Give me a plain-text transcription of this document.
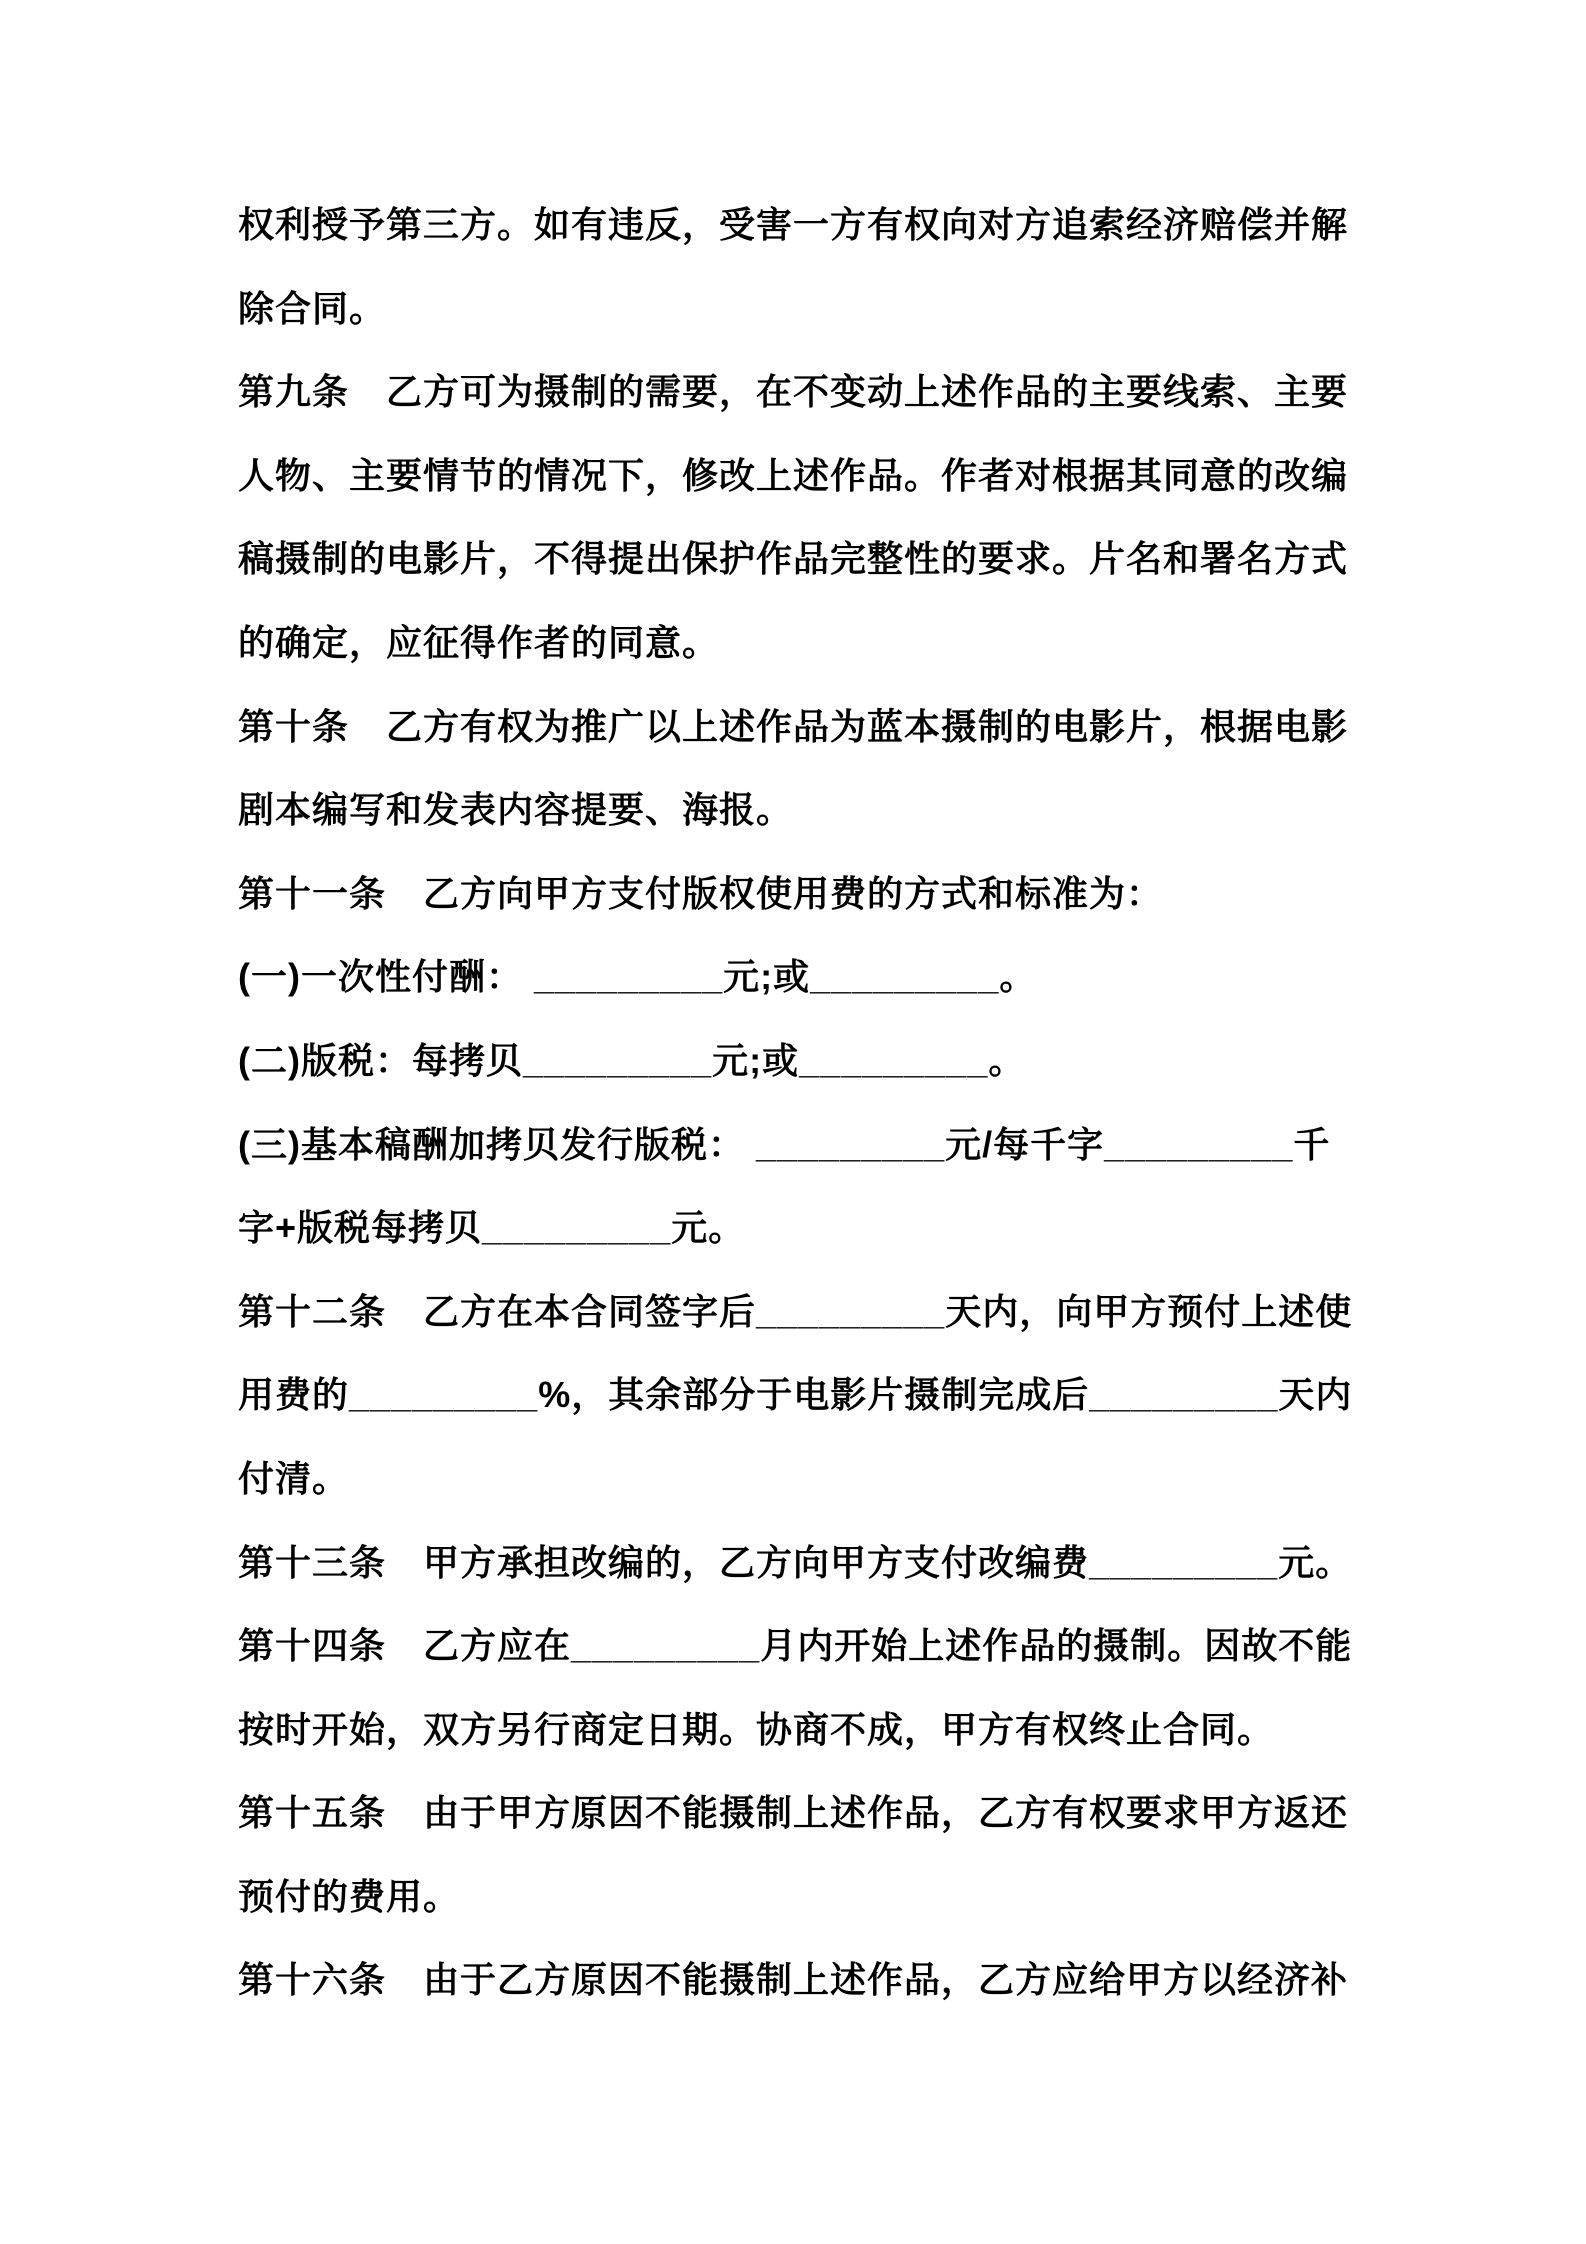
权利授予第三方。如有违反，受害一方有权向对方追索经济赔偿并解
除合同。
第九条　乙方可为摄制的需要，在不变动上述作品的主要线索、主要
人物、主要情节的情况下，修改上述作品。作者对根据其同意的改编
稿摄制的电影片，不得提出保护作品完整性的要求。片名和署名方式
的确定，应征得作者的同意。
第十条　乙方有权为推广以上述作品为蓝本摄制的电影片，根据电影
剧本编写和发表内容提要、海报。
第十一条　乙方向甲方支付版权使用费的方式和标准为：
(一)一次性付酬： _________元;或_________。
(二)版税：每拷贝_________元;或_________。
(三)基本稿酬加拷贝发行版税： _________元/每千字_________千
字+版税每拷贝_________元。
第十二条　乙方在本合同签字后_________天内，向甲方预付上述使
用费的_________%，其余部分于电影片摄制完成后_________天内
付清。
第十三条　甲方承担改编的，乙方向甲方支付改编费_________元。
第十四条　乙方应在_________月内开始上述作品的摄制。因故不能
按时开始，双方另行商定日期。协商不成，甲方有权终止合同。
第十五条　由于甲方原因不能摄制上述作品，乙方有权要求甲方返还
预付的费用。
第十六条　由于乙方原因不能摄制上述作品，乙方应给甲方以经济补
